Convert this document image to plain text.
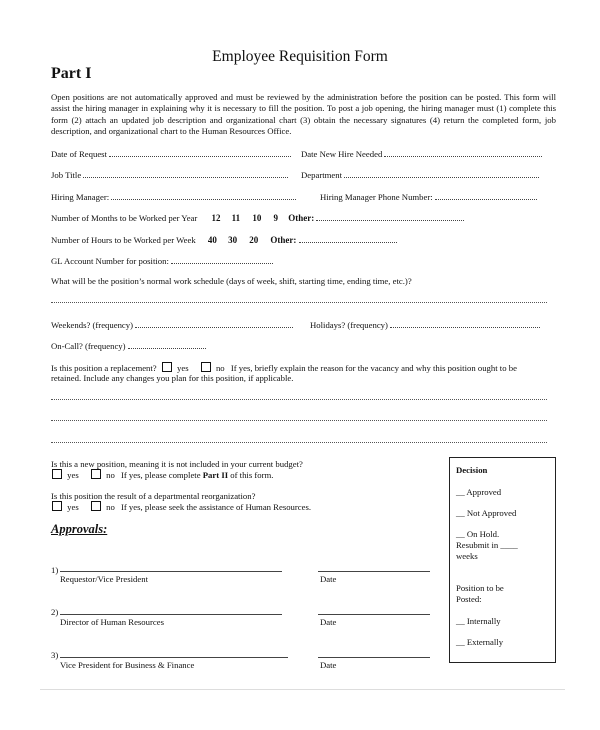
Employee Requisition Form
Part I
Open positions are not automatically approved and must be reviewed by the administration before the position can be posted. This form will assist the hiring manager in explaining why it is necessary to fill the position. To post a job opening, the hiring manager must (1) complete this form (2) attach an updated job description and organizational chart (3) obtain the necessary signatures (4) return the completed form, job description, and organizational chart to the Human Resources Office.
Date of Request	Date New Hire Needed
Job Title	Department
Hiring Manager:	Hiring Manager Phone Number:
Number of Months to be Worked per Year 12 11 10 9 Other:
Number of Hours to be Worked per Week 40 30 20 Other:
GL Account Number for position:
What will be the position’s normal work schedule (days of week, shift, starting time, ending time, etc.)?
Weekends? (frequency)	Holidays? (frequency)
On-Call? (frequency)
Is this position a replacement? yes	no If yes, briefly explain the reason for the vacancy and why this position ought to be
retained. Include any changes you plan for this position, if applicable.
Is this a new position, meaning it is not included in your current budget?
yes	no If yes, please complete Part II of this form.
Is this position the result of a departmental reorganization?
yes	no If yes, please seek the assistance of Human Resources.
Approvals:
1)
Requestor/Vice President	Date
2)
Director of Human Resources	Date
3)
Vice President for Business & Finance	Date
Decision
__ Approved
__ Not Approved
__ On Hold.
Resubmit in ____
weeks
Position to be
Posted:
__ Internally
__ Externally
